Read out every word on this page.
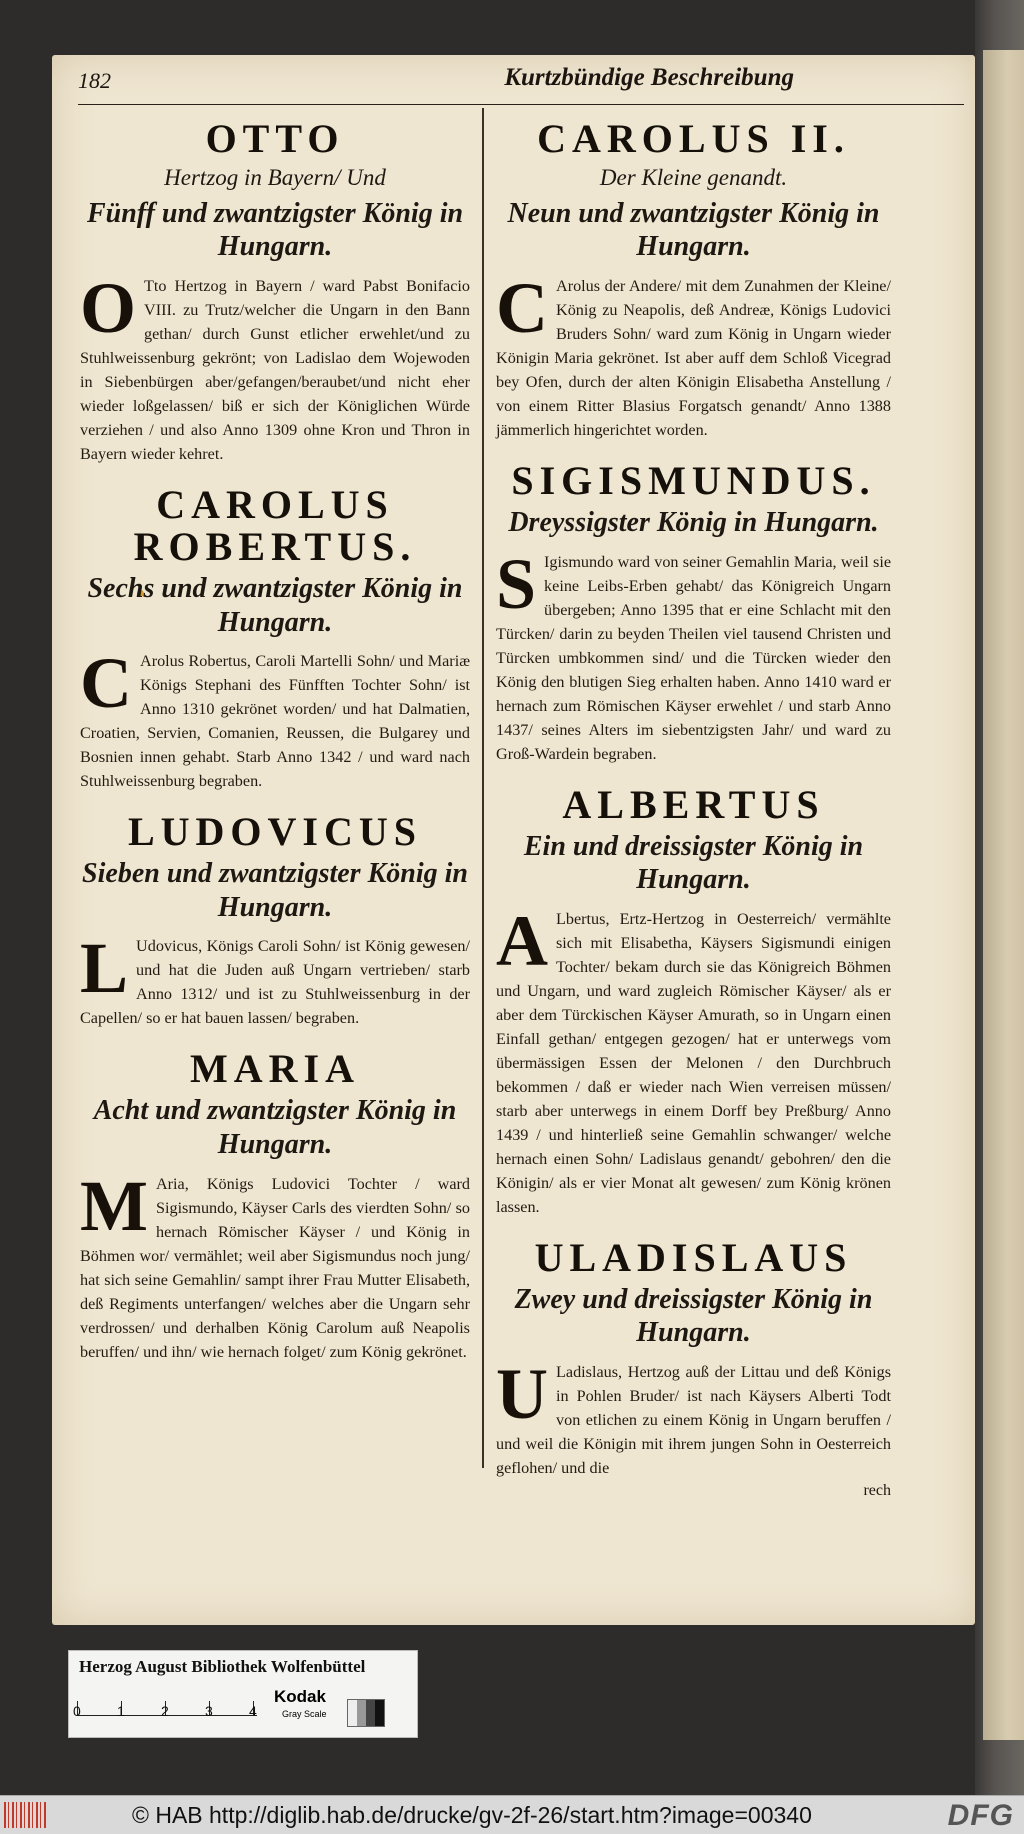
182	Kurtzbündige Beschreibung
OTTO
Hertzog in Bayern/ Und
Fünff und zwantzigster König in Hungarn.
O Tto Hertzog in Bayern / ward Pabst Bonifacio VIII. zu Trutz/welcher die Ungarn in den Bann gethan/ durch Gunst etlicher erwehlet/und zu Stuhlweissenburg gekrönt; von Ladislao dem Wojewoden in Siebenbürgen aber/gefangen/beraubet/und nicht eher wieder loßgelassen/ biß er sich der Königlichen Würde verziehen / und also Anno 1309 ohne Kron und Thron in Bayern wieder kehret.
CAROLUS ROBERTUS.
Sechs und zwantzigster König in Hungarn.
C Arolus Robertus, Caroli Martelli Sohn/ und Mariæ Königs Stephani des Fünfften Tochter Sohn/ ist Anno 1310 gekrönet worden/ und hat Dalmatien, Croatien, Servien, Comanien, Reussen, die Bulgarey und Bosnien innen gehabt. Starb Anno 1342 / und ward nach Stuhlweissenburg begraben.
LUDOVICUS
Sieben und zwantzigster König in Hungarn.
L Udovicus, Königs Caroli Sohn/ ist König gewesen/ und hat die Juden auß Ungarn vertrieben/ starb Anno 1312/ und ist zu Stuhlweissenburg in der Capellen/ so er hat bauen lassen/ begraben.
MARIA
Acht und zwantzigster König in Hungarn.
M Aria, Königs Ludovici Tochter / ward Sigismundo, Käyser Carls des vierdten Sohn/ so hernach Römischer Käyser / und König in Böhmen wor/ vermählet; weil aber Sigismundus noch jung/ hat sich seine Gemahlin/ sampt ihrer Frau Mutter Elisabeth, deß Regiments unterfangen/ welches aber die Ungarn sehr verdrossen/ und derhalben König Carolum auß Neapolis beruffen/ und ihn/ wie hernach folget/ zum König gekrönet.
CAROLUS II.
Der Kleine genandt.
Neun und zwantzigster König in Hungarn.
C Arolus der Andere/ mit dem Zunahmen der Kleine/ König zu Neapolis, deß Andreæ, Königs Ludovici Bruders Sohn/ ward zum König in Ungarn wieder Königin Maria gekrönet. Ist aber auff dem Schloß Vicegrad bey Ofen, durch der alten Königin Elisabetha Anstellung / von einem Ritter Blasius Forgatsch genandt/ Anno 1388 jämmerlich hingerichtet worden.
SIGISMUNDUS.
Dreyssigster König in Hungarn.
S Igismundo ward von seiner Gemahlin Maria, weil sie keine Leibs-Erben gehabt/ das Königreich Ungarn übergeben; Anno 1395 that er eine Schlacht mit den Türcken/ darin zu beyden Theilen viel tausend Christen und Türcken umbkommen sind/ und die Türcken wieder den König den blutigen Sieg erhalten haben. Anno 1410 ward er hernach zum Römischen Käyser erwehlet / und starb Anno 1437/ seines Alters im siebentzigsten Jahr/ und ward zu Groß-Wardein begraben.
ALBERTUS
Ein und dreissigster König in Hungarn.
A Lbertus, Ertz-Hertzog in Oesterreich/ vermählte sich mit Elisabetha, Käysers Sigismundi einigen Tochter/ bekam durch sie das Königreich Böhmen und Ungarn, und ward zugleich Römischer Käyser/ als er aber dem Türckischen Käyser Amurath, so in Ungarn einen Einfall gethan/ entgegen gezogen/ hat er unterwegs vom übermässigen Essen der Melonen / den Durchbruch bekommen / daß er wieder nach Wien verreisen müssen/ starb aber unterwegs in einem Dorff bey Preßburg/ Anno 1439 / und hinterließ seine Gemahlin schwanger/ welche hernach einen Sohn/ Ladislaus genandt/ gebohren/ den die Königin/ als er vier Monat alt gewesen/ zum König krönen lassen.
ULADISLAUS
Zwey und dreissigster König in Hungarn.
U Ladislaus, Hertzog auß der Littau und deß Königs in Pohlen Bruder/ ist nach Käysers Alberti Todt von etlichen zu einem König in Ungarn beruffen / und weil die Königin mit ihrem jungen Sohn in Oesterreich geflohen/ und die
rech
Herzog August Bibliothek Wolfenbüttel
0	1	2	3	4
Kodak
Gray Scale
© HAB http://diglib.hab.de/drucke/gv-2f-26/start.htm?image=00340	DFG
